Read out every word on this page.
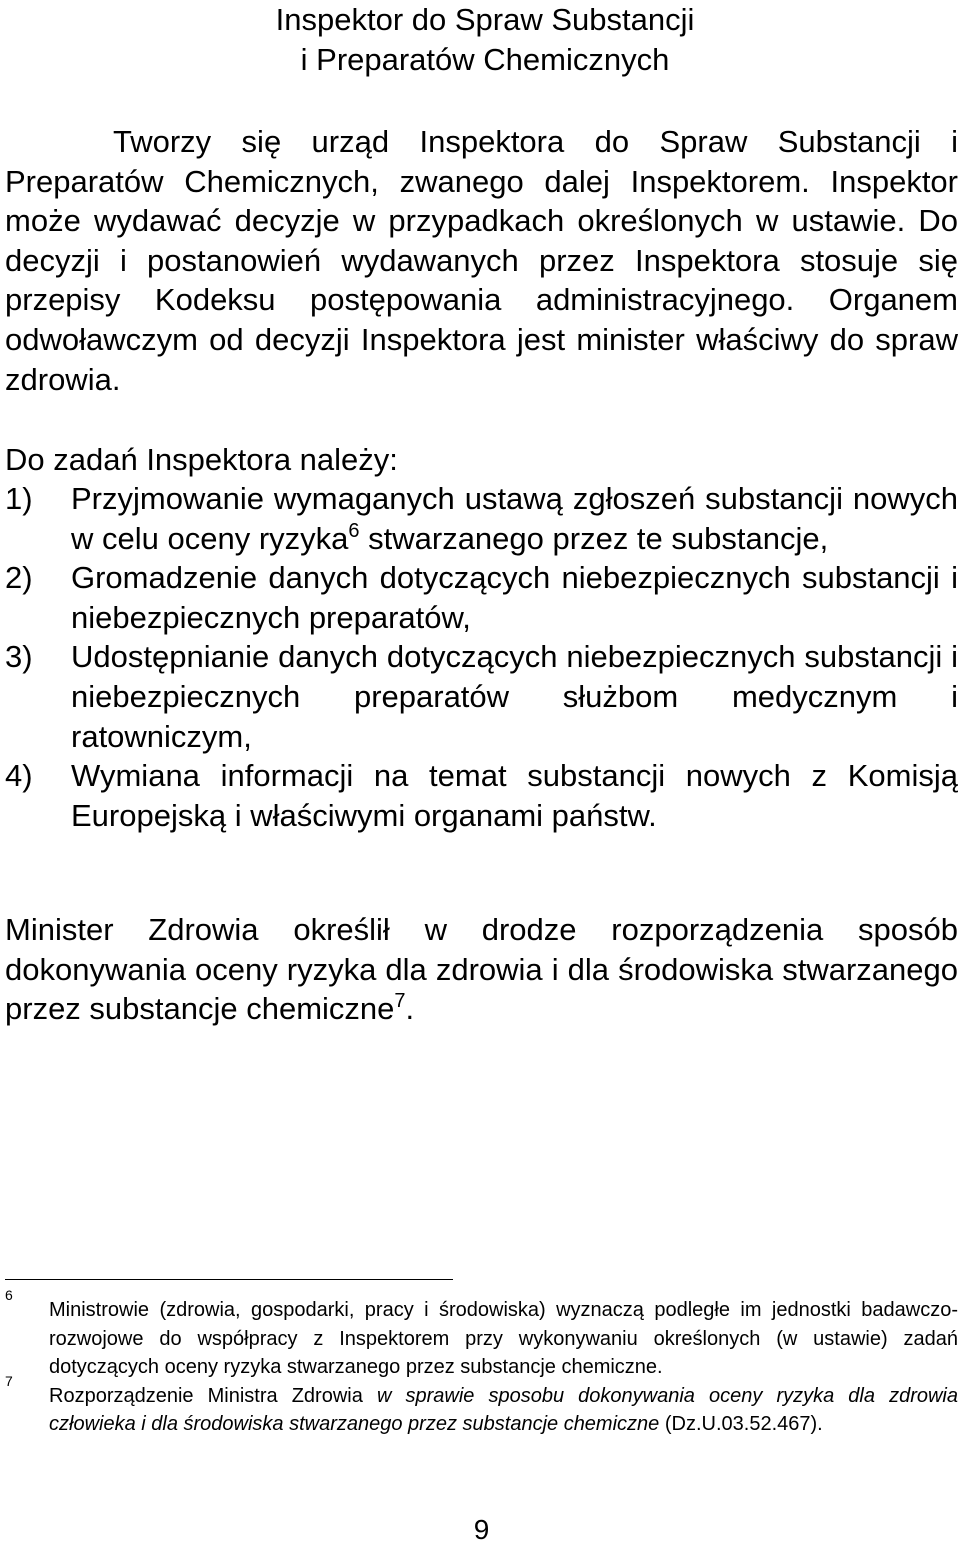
Inspektor do Spraw Substancji
i Preparatów Chemicznych
Tworzy się urząd Inspektora do Spraw Substancji i Preparatów Chemicznych, zwanego dalej Inspektorem. Inspektor może wydawać decyzje w przypadkach określonych w ustawie. Do decyzji i postanowień wydawanych przez Inspektora stosuje się przepisy Kodeksu postępowania administracyjnego. Organem odwoławczym od decyzji Inspektora jest minister właściwy do spraw zdrowia.
Do zadań Inspektora należy:
1) Przyjmowanie wymaganych ustawą zgłoszeń substancji nowych w celu oceny ryzyka$^6$ stwarzanego przez te substancje,
2) Gromadzenie danych dotyczących niebezpiecznych substancji i niebezpiecznych preparatów,
3) Udostępnianie danych dotyczących niebezpiecznych substancji i niebezpiecznych preparatów służbom medycznym i ratowniczym,
4) Wymiana informacji na temat substancji nowych z Komisją Europejską i właściwymi organami państw.
Minister Zdrowia określił w drodze rozporządzenia sposób dokonywania oceny ryzyka dla zdrowia i dla środowiska stwarzanego przez substancje chemiczne$^7$.
6
Ministrowie (zdrowia, gospodarki, pracy i środowiska) wyznaczą podległe im jednostki badawczo-rozwojowe do współpracy z Inspektorem przy wykonywaniu określonych (w ustawie) zadań dotyczących oceny ryzyka stwarzanego przez substancje chemiczne.
7
Rozporządzenie Ministra Zdrowia w sprawie sposobu dokonywania oceny ryzyka dla zdrowia człowieka i dla środowiska stwarzanego przez substancje chemiczne (Dz.U.03.52.467).
9
